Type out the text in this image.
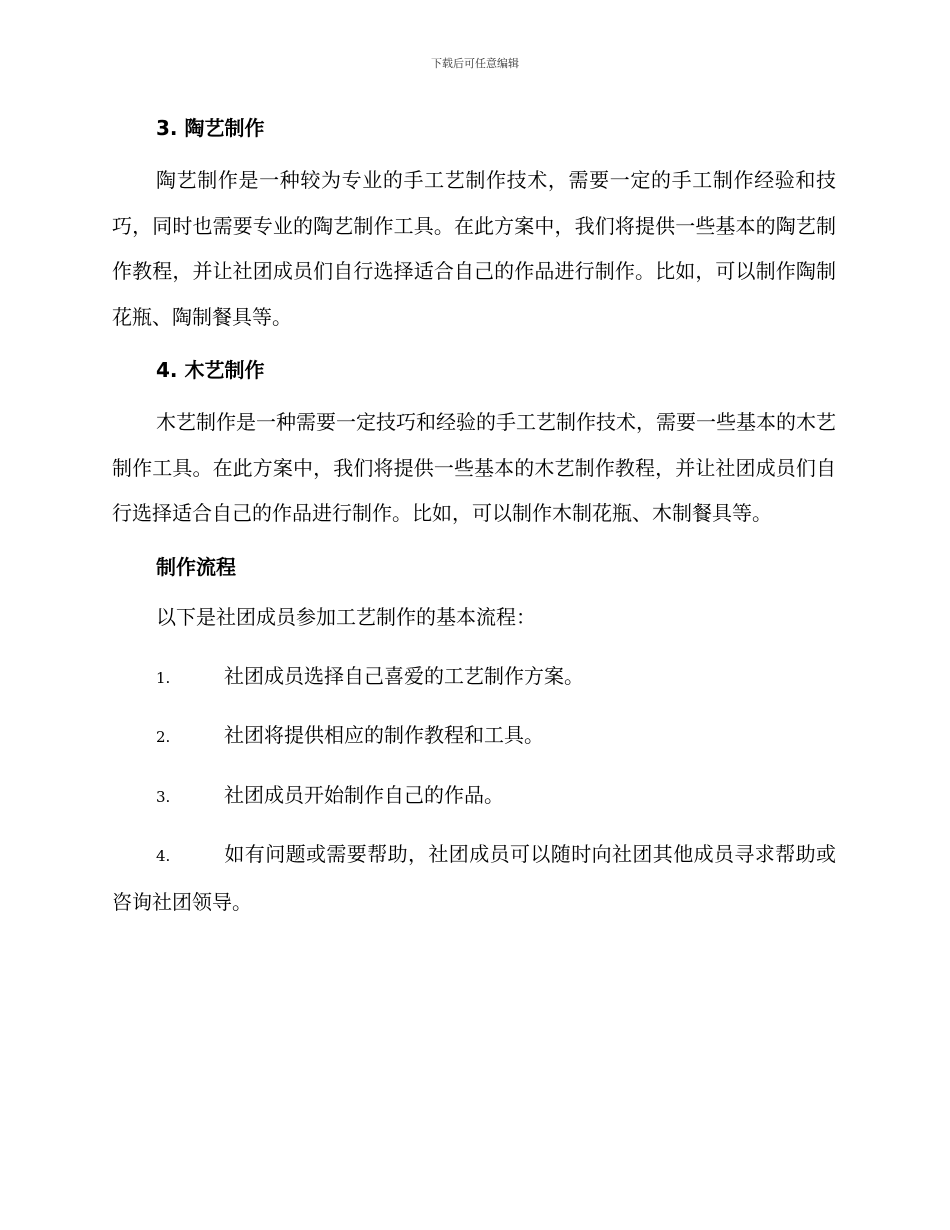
下载后可任意编辑
3. 陶艺制作

陶艺制作是一种较为专业的手工艺制作技术，需要一定的手工制作经验和技巧，同时也需要专业的陶艺制作工具。在此方案中，我们将提供一些基本的陶艺制作教程，并让社团成员们自行选择适合自己的作品进行制作。比如，可以制作陶制花瓶、陶制餐具等。

4. 木艺制作

木艺制作是一种需要一定技巧和经验的手工艺制作技术，需要一些基本的木艺制作工具。在此方案中，我们将提供一些基本的木艺制作教程，并让社团成员们自行选择适合自己的作品进行制作。比如，可以制作木制花瓶、木制餐具等。

制作流程
以下是社团成员参加工艺制作的基本流程：
1.	社团成员选择自己喜爱的工艺制作方案。
2.	社团将提供相应的制作教程和工具。
3.	社团成员开始制作自己的作品。
4.	如有问题或需要帮助，社团成员可以随时向社团其他成员寻求帮助或咨询社团领导。
